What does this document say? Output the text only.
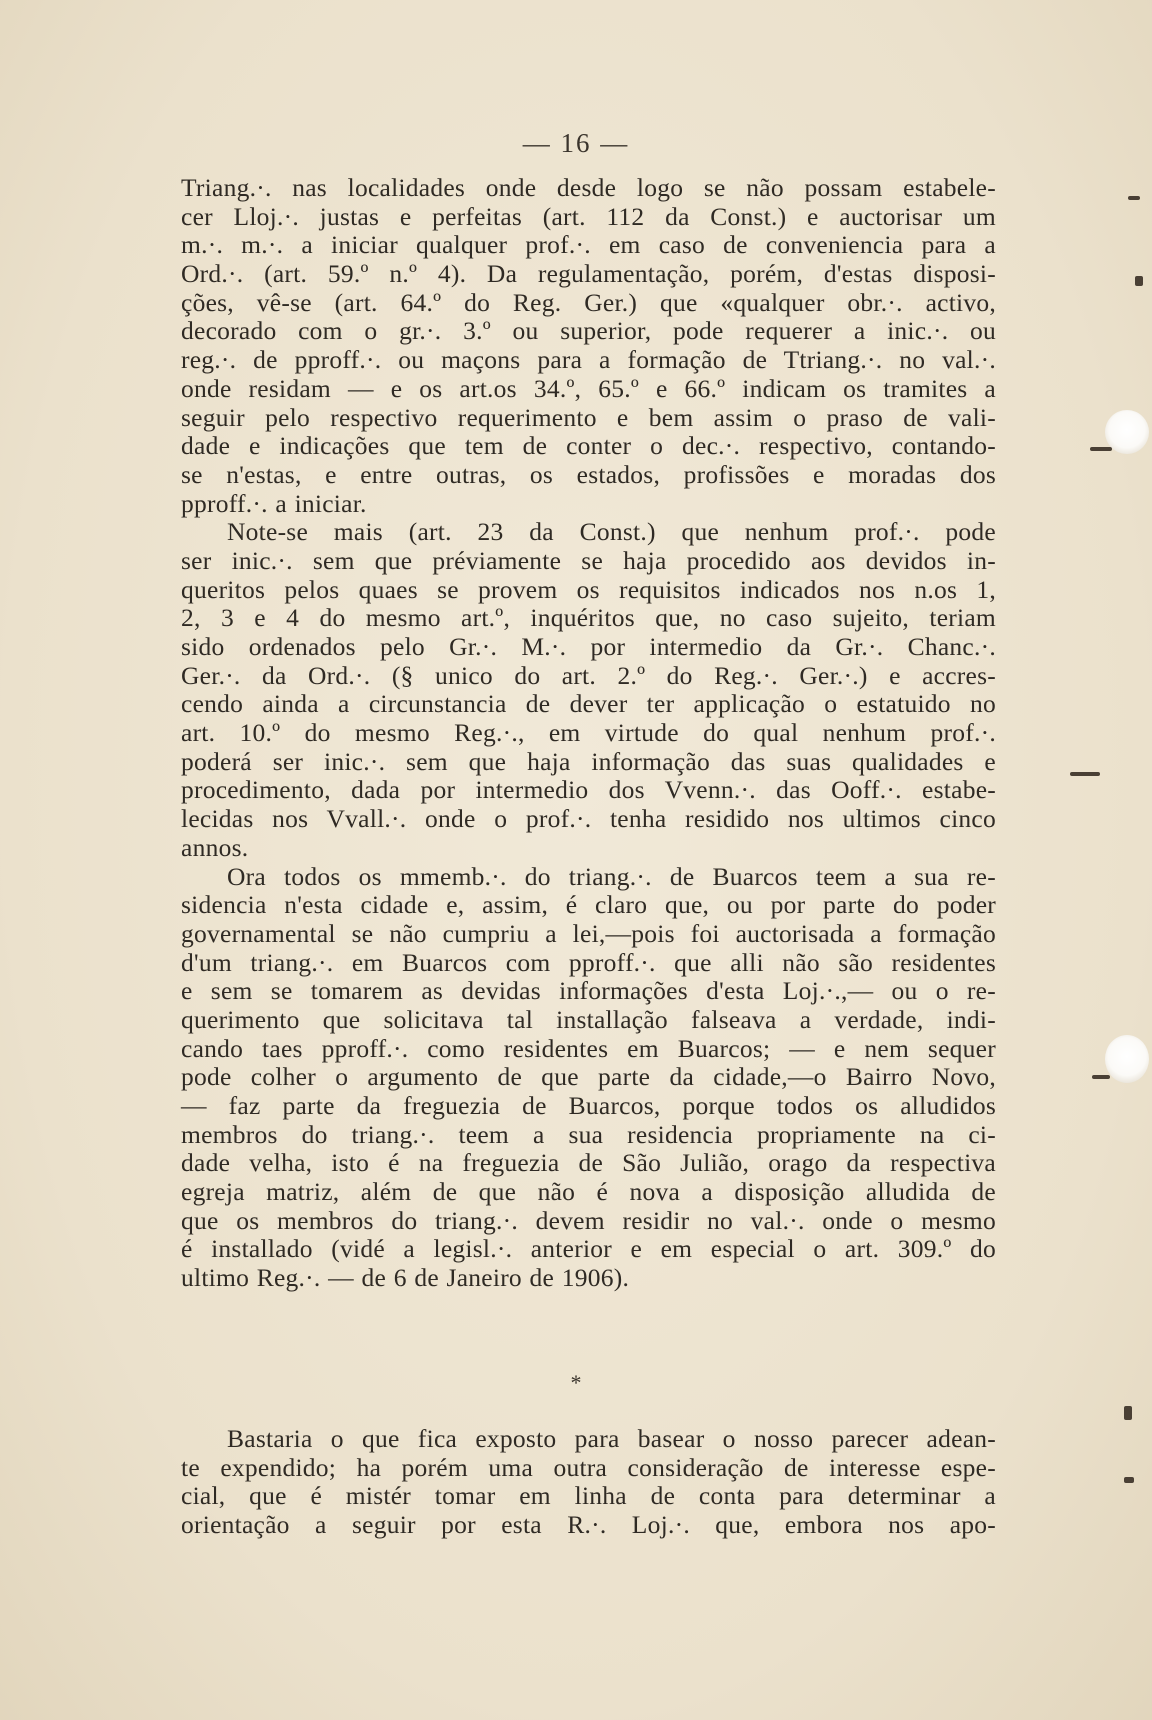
— 16 —
Triang.·. nas localidades onde desde logo se não possam estabele-
cer Lloj.·. justas e perfeitas (art. 112 da Const.) e auctorisar um
m.·. m.·. a iniciar qualquer prof.·. em caso de conveniencia para a
Ord.·. (art. 59.º n.º 4). Da regulamentação, porém, d'estas disposi-
ções, vê-se (art. 64.º do Reg. Ger.) que «qualquer obr.·. activo,
decorado com o gr.·. 3.º ou superior, pode requerer a inic.·. ou
reg.·. de pproff.·. ou maçons para a formação de Ttriang.·. no val.·.
onde residam — e os art.os 34.º, 65.º e 66.º indicam os tramites a
seguir pelo respectivo requerimento e bem assim o praso de vali-
dade e indicações que tem de conter o dec.·. respectivo, contando-
se n'estas, e entre outras, os estados, profissões e moradas dos
pproff.·. a iniciar.
Note-se mais (art. 23 da Const.) que nenhum prof.·. pode
ser inic.·. sem que préviamente se haja procedido aos devidos in-
queritos pelos quaes se provem os requisitos indicados nos n.os 1,
2, 3 e 4 do mesmo art.º, inquéritos que, no caso sujeito, teriam
sido ordenados pelo Gr.·. M.·. por intermedio da Gr.·. Chanc.·.
Ger.·. da Ord.·. (§ unico do art. 2.º do Reg.·. Ger.·.) e accres-
cendo ainda a circunstancia de dever ter applicação o estatuido no
art. 10.º do mesmo Reg.·., em virtude do qual nenhum prof.·.
poderá ser inic.·. sem que haja informação das suas qualidades e
procedimento, dada por intermedio dos Vvenn.·. das Ooff.·. estabe-
lecidas nos Vvall.·. onde o prof.·. tenha residido nos ultimos cinco
annos.
Ora todos os mmemb.·. do triang.·. de Buarcos teem a sua re-
sidencia n'esta cidade e, assim, é claro que, ou por parte do poder
governamental se não cumpriu a lei,—pois foi auctorisada a formação
d'um triang.·. em Buarcos com pproff.·. que alli não são residentes
e sem se tomarem as devidas informações d'esta Loj.·.,— ou o re-
querimento que solicitava tal installação falseava a verdade, indi-
cando taes pproff.·. como residentes em Buarcos; — e nem sequer
pode colher o argumento de que parte da cidade,—o Bairro Novo,
— faz parte da freguezia de Buarcos, porque todos os alludidos
membros do triang.·. teem a sua residencia propriamente na ci-
dade velha, isto é na freguezia de São Julião, orago da respectiva
egreja matriz, além de que não é nova a disposição alludida de
que os membros do triang.·. devem residir no val.·. onde o mesmo
é installado (vidé a legisl.·. anterior e em especial o art. 309.º do
ultimo Reg.·. — de 6 de Janeiro de 1906).
*
Bastaria o que fica exposto para basear o nosso parecer adean-
te expendido; ha porém uma outra consideração de interesse espe-
cial, que é mistér tomar em linha de conta para determinar a
orientação a seguir por esta R.·. Loj.·. que, embora nos apo-
